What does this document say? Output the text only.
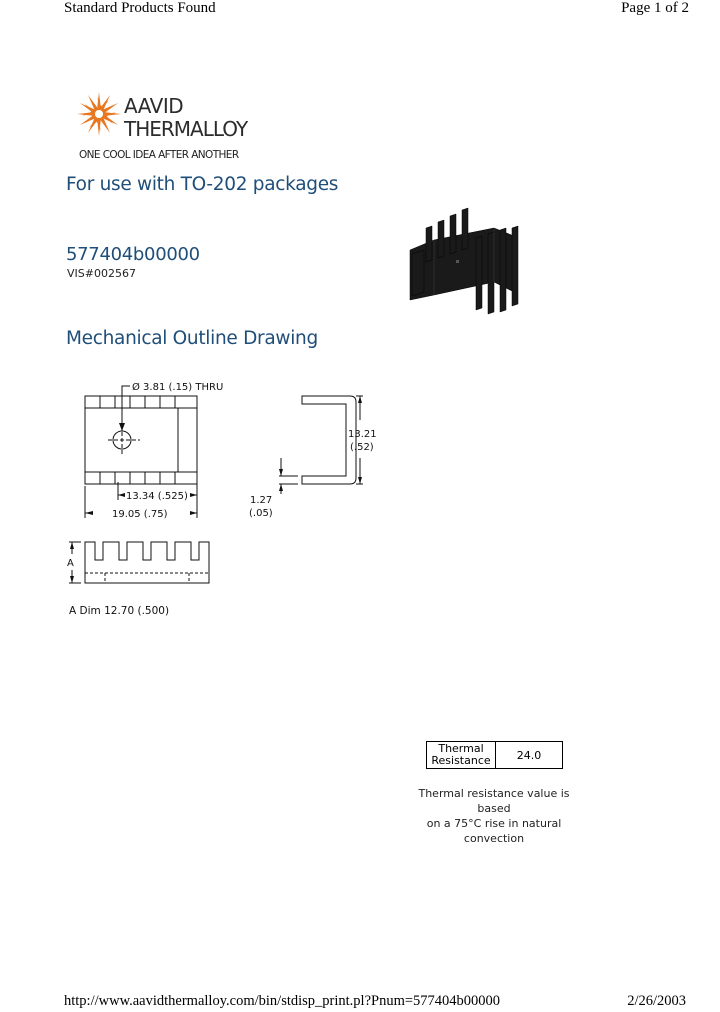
Standard Products Found	Page 1 of 2
AAVID
THERMALLOY
ONE COOL IDEA AFTER ANOTHER
For use with TO-202 packages
577404b00000
VIS#002567
Mechanical Outline Drawing
Ø 3.81 (.15) THRU
13.34 (.525)
19.05 (.75)
13.21
(.52)
1.27
(.05)
A
A Dim 12.70 (.500)
Thermal
Resistance	24.0
Thermal resistance value is based
on a 75°C rise in natural
convection
http://www.aavidthermalloy.com/bin/stdisp_print.pl?Pnum=577404b00000	2/26/2003
